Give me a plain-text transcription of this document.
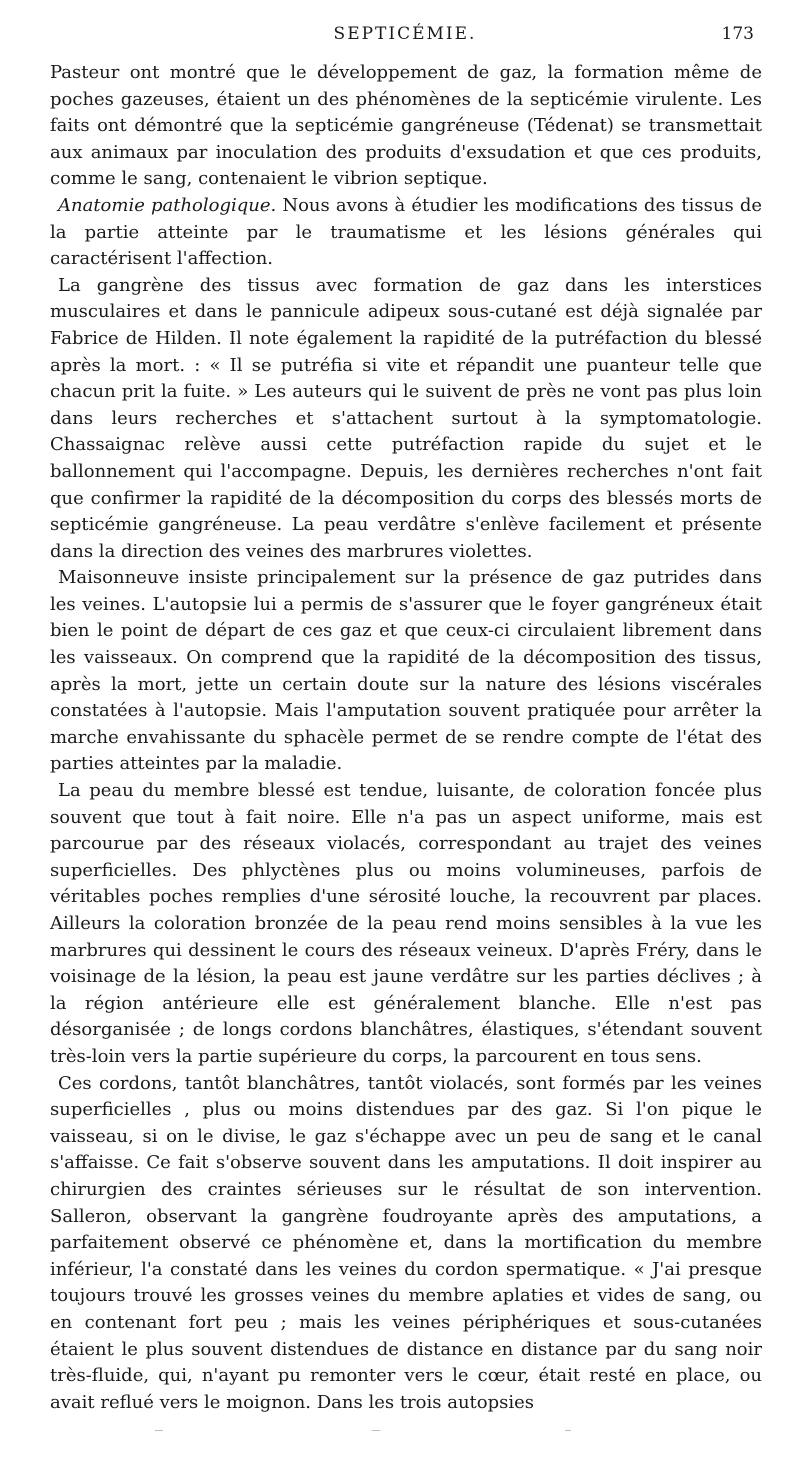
SEPTICÉMIE.	173

Pasteur ont montré que le développement de gaz, la formation même de poches gazeuses, étaient un des phénomènes de la septicémie virulente. Les faits ont démontré que la septicémie gangréneuse (Tédenat) se transmettait aux animaux par inoculation des produits d'exsudation et que ces produits, comme le sang, contenaient le vibrion septique.

Anatomie pathologique. Nous avons à étudier les modifications des tissus de la partie atteinte par le traumatisme et les lésions générales qui caractérisent l'affection.

La gangrène des tissus avec formation de gaz dans les interstices musculaires et dans le pannicule adipeux sous-cutané est déjà signalée par Fabrice de Hilden. Il note également la rapidité de la putréfaction du blessé après la mort. : « Il se putréfia si vite et répandit une puanteur telle que chacun prit la fuite. » Les auteurs qui le suivent de près ne vont pas plus loin dans leurs recherches et s'attachent surtout à la symptomatologie. Chassaignac relève aussi cette putréfaction rapide du sujet et le ballonnement qui l'accompagne. Depuis, les dernières recherches n'ont fait que confirmer la rapidité de la décomposition du corps des blessés morts de septicémie gangréneuse. La peau verdâtre s'enlève facilement et présente dans la direction des veines des marbrures violettes.

Maisonneuve insiste principalement sur la présence de gaz putrides dans les veines. L'autopsie lui a permis de s'assurer que le foyer gangréneux était bien le point de départ de ces gaz et que ceux-ci circulaient librement dans les vaisseaux. On comprend que la rapidité de la décomposition des tissus, après la mort, jette un certain doute sur la nature des lésions viscérales constatées à l'autopsie. Mais l'amputation souvent pratiquée pour arrêter la marche envahissante du sphacèle permet de se rendre compte de l'état des parties atteintes par la maladie.

La peau du membre blessé est tendue, luisante, de coloration foncée plus souvent que tout à fait noire. Elle n'a pas un aspect uniforme, mais est parcourue par des réseaux violacés, correspondant au trajet des veines superficielles. Des phlyctènes plus ou moins volumineuses, parfois de véritables poches remplies d'une sérosité louche, la recouvrent par places. Ailleurs la coloration bronzée de la peau rend moins sensibles à la vue les marbrures qui dessinent le cours des réseaux veineux. D'après Fréry, dans le voisinage de la lésion, la peau est jaune verdâtre sur les parties déclives ; à la région antérieure elle est généralement blanche. Elle n'est pas désorganisée ; de longs cordons blanchâtres, élastiques, s'étendant souvent très-loin vers la partie supérieure du corps, la parcourent en tous sens.

Ces cordons, tantôt blanchâtres, tantôt violacés, sont formés par les veines superficielles , plus ou moins distendues par des gaz. Si l'on pique le vaisseau, si on le divise, le gaz s'échappe avec un peu de sang et le canal s'affaisse. Ce fait s'observe souvent dans les amputations. Il doit inspirer au chirurgien des craintes sérieuses sur le résultat de son intervention. Salleron, observant la gangrène foudroyante après des amputations, a parfaitement observé ce phénomène et, dans la mortification du membre inférieur, l'a constaté dans les veines du cordon spermatique. « J'ai presque toujours trouvé les grosses veines du membre aplaties et vides de sang, ou en contenant fort peu ; mais les veines périphériques et sous-cutanées étaient le plus souvent distendues de distance en distance par du sang noir très-fluide, qui, n'ayant pu remonter vers le cœur, était resté en place, ou avait reflué vers le moignon. Dans les trois autopsies
